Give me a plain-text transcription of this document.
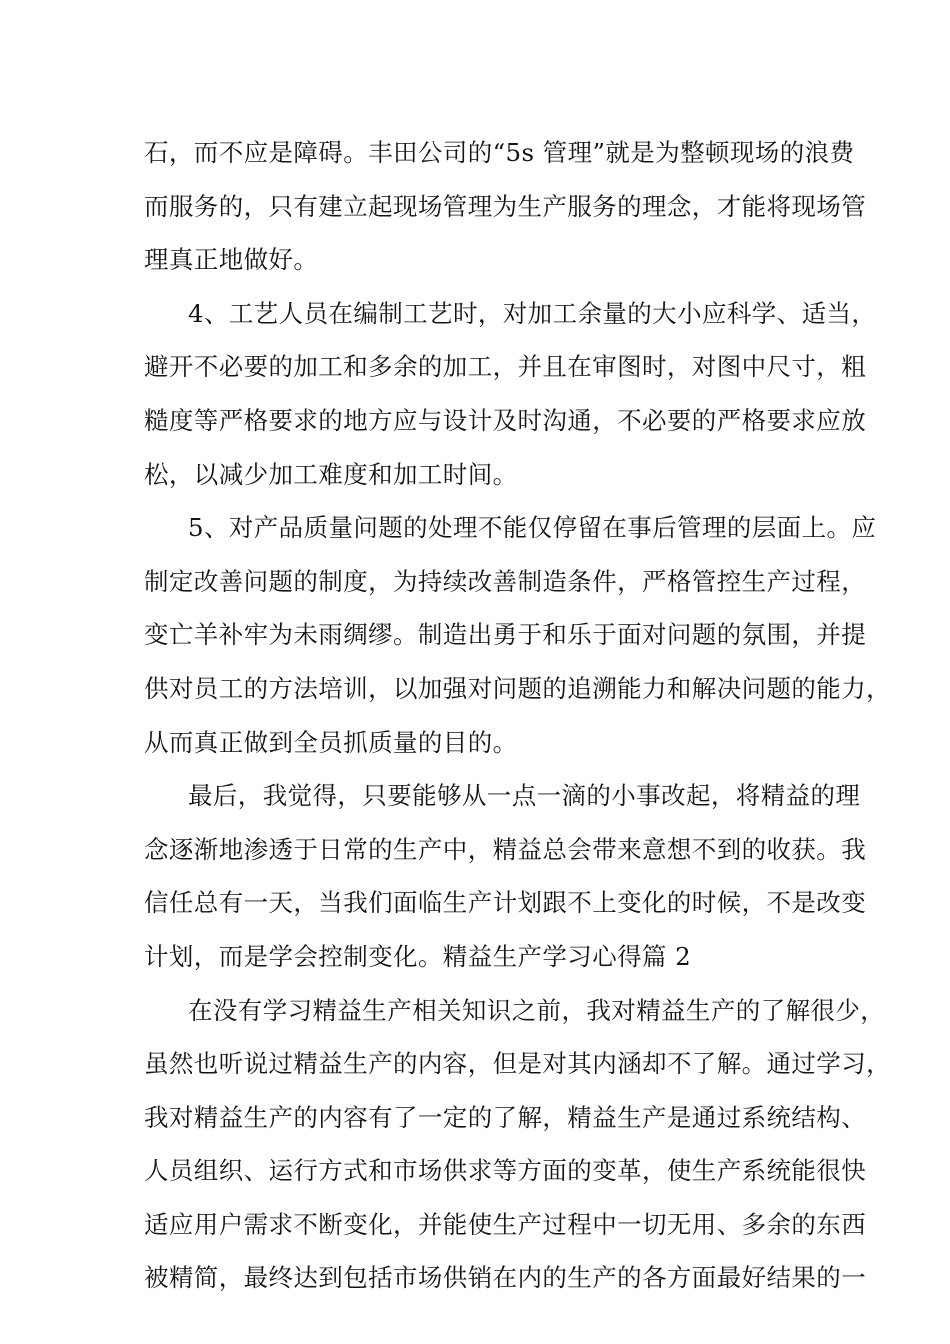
石，而不应是障碍。丰田公司的“5s 管理”就是为整顿现场的浪费
而服务的，只有建立起现场管理为生产服务的理念，才能将现场管
理真正地做好。
4、工艺人员在编制工艺时，对加工余量的大小应科学、适当，
避开不必要的加工和多余的加工，并且在审图时，对图中尺寸，粗
糙度等严格要求的地方应与设计及时沟通，不必要的严格要求应放
松，以减少加工难度和加工时间。
5、对产品质量问题的处理不能仅停留在事后管理的层面上。应
制定改善问题的制度，为持续改善制造条件，严格管控生产过程，
变亡羊补牢为未雨绸缪。制造出勇于和乐于面对问题的氛围，并提
供对员工的方法培训，以加强对问题的追溯能力和解决问题的能力，
从而真正做到全员抓质量的目的。
最后，我觉得，只要能够从一点一滴的小事改起，将精益的理
念逐渐地渗透于日常的生产中，精益总会带来意想不到的收获。我
信任总有一天，当我们面临生产计划跟不上变化的时候，不是改变
计划，而是学会控制变化。精益生产学习心得篇 2
在没有学习精益生产相关知识之前，我对精益生产的了解很少，
虽然也听说过精益生产的内容，但是对其内涵却不了解。通过学习，
我对精益生产的内容有了一定的了解，精益生产是通过系统结构、
人员组织、运行方式和市场供求等方面的变革，使生产系统能很快
适应用户需求不断变化，并能使生产过程中一切无用、多余的东西
被精简，最终达到包括市场供销在内的生产的各方面最好结果的一
